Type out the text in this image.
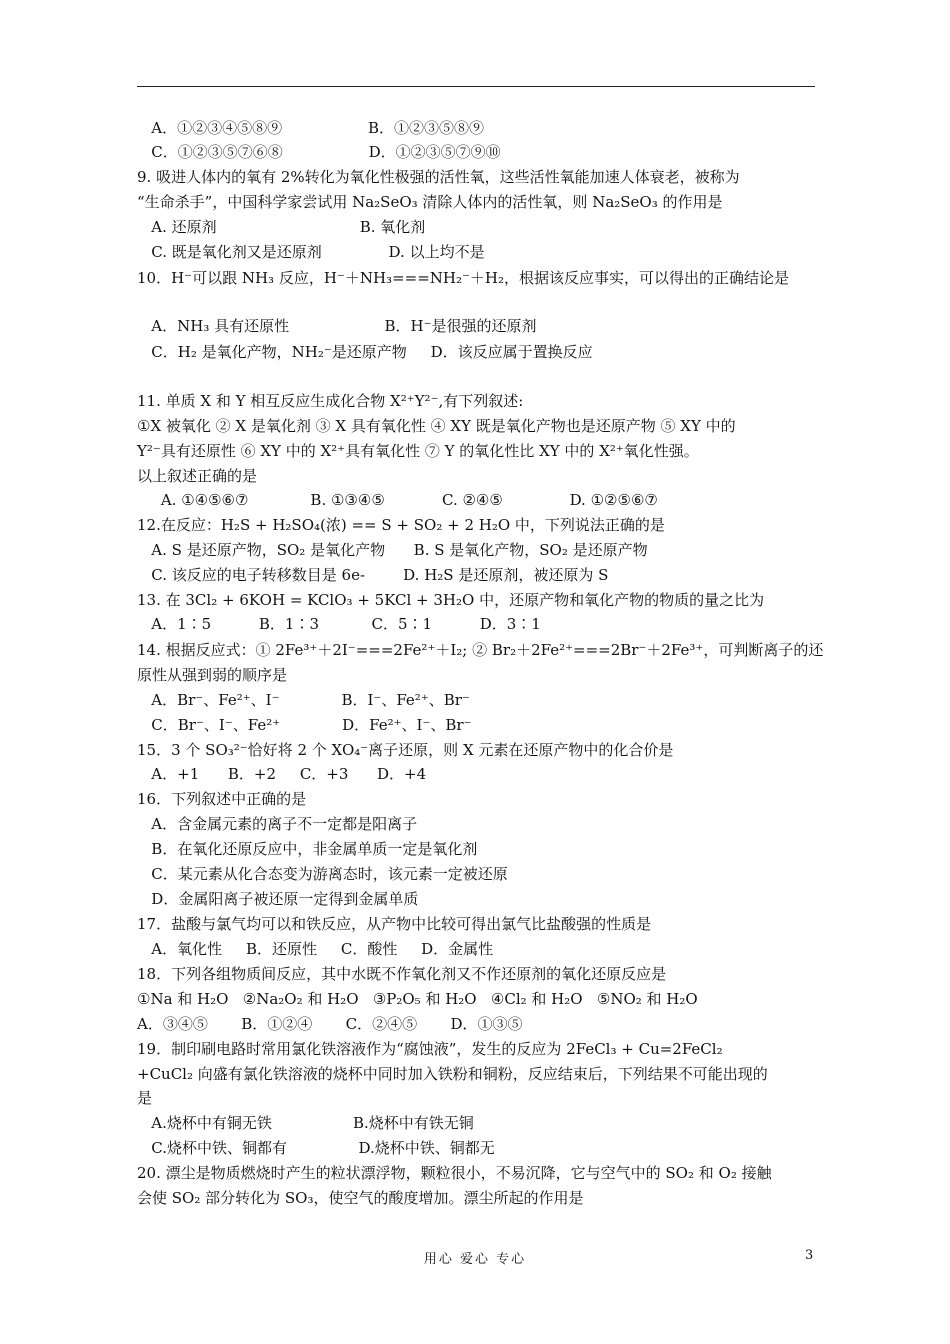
A．①②③④⑤⑧⑨                  B．①②③⑤⑧⑨
C．①②③⑤⑦⑥⑧                  D．①②③⑤⑦⑨⑩
9. 吸进人体内的氧有 2%转化为氧化性极强的活性氧，这些活性氧能加速人体衰老，被称为
“生命杀手”，中国科学家尝试用 Na₂SeO₃ 清除人体内的活性氧，则 Na₂SeO₃ 的作用是
A. 还原剂                              B. 氧化剂
C. 既是氧化剂又是还原剂              D. 以上均不是
10．H⁻可以跟 NH₃ 反应，H⁻＋NH₃===NH₂⁻＋H₂，根据该反应事实，可以得出的正确结论是
A．NH₃ 具有还原性                    B．H⁻是很强的还原剂
C．H₂ 是氧化产物，NH₂⁻是还原产物     D．该反应属于置换反应
11. 单质 X 和 Y 相互反应生成化合物 X²⁺Y²⁻,有下列叙述:
①X 被氧化 ② X 是氧化剂 ③ X 具有氧化性 ④ XY 既是氧化产物也是还原产物 ⑤ XY 中的
Y²⁻具有还原性 ⑥ XY 中的 X²⁺具有氧化性 ⑦ Y 的氧化性比 XY 中的 X²⁺氧化性强。
以上叙述正确的是
A. ①④⑤⑥⑦             B. ①③④⑤            C. ②④⑤              D. ①②⑤⑥⑦
12.在反应：H₂S + H₂SO₄(浓) == S + SO₂ + 2 H₂O 中，下列说法正确的是
A. S 是还原产物，SO₂ 是氧化产物      B. S 是氧化产物，SO₂ 是还原产物
C. 该反应的电子转移数目是 6e-        D. H₂S 是还原剂，被还原为 S
13. 在 3Cl₂ + 6KOH = KClO₃ + 5KCl + 3H₂O 中，还原产物和氧化产物的物质的量之比为
A．1∶5          B．1∶3           C．5∶1          D．3∶1
14. 根据反应式：① 2Fe³⁺＋2I⁻===2Fe²⁺＋I₂; ② Br₂＋2Fe²⁺===2Br⁻＋2Fe³⁺，可判断离子的还
原性从强到弱的顺序是
A．Br⁻、Fe²⁺、I⁻             B．I⁻、Fe²⁺、Br⁻
C．Br⁻、I⁻、Fe²⁺             D．Fe²⁺、I⁻、Br⁻
15．3 个 SO₃²⁻恰好将 2 个 XO₄⁻离子还原，则 X 元素在还原产物中的化合价是
A．+1      B．+2     C．+3      D．+4
16．下列叙述中正确的是
A．含金属元素的离子不一定都是阳离子
B．在氧化还原反应中，非金属单质一定是氧化剂
C．某元素从化合态变为游离态时，该元素一定被还原
D．金属阳离子被还原一定得到金属单质
17．盐酸与氯气均可以和铁反应，从产物中比较可得出氯气比盐酸强的性质是
A．氧化性     B．还原性     C．酸性     D．金属性
18．下列各组物质间反应，其中水既不作氧化剂又不作还原剂的氧化还原反应是
①Na 和 H₂O   ②Na₂O₂ 和 H₂O   ③P₂O₅ 和 H₂O   ④Cl₂ 和 H₂O   ⑤NO₂ 和 H₂O
A．③④⑤       B．①②④       C．②④⑤       D．①③⑤
19．制印刷电路时常用氯化铁溶液作为“腐蚀液”，发生的反应为 2FeCl₃ + Cu=2FeCl₂
+CuCl₂ 向盛有氯化铁溶液的烧杯中同时加入铁粉和铜粉，反应结束后，下列结果不可能出现的
是
A.烧杯中有铜无铁                 B.烧杯中有铁无铜
C.烧杯中铁、铜都有               D.烧杯中铁、铜都无
20. 漂尘是物质燃烧时产生的粒状漂浮物，颗粒很小，不易沉降，它与空气中的 SO₂ 和 O₂ 接触
会使 SO₂ 部分转化为 SO₃，使空气的酸度增加。漂尘所起的作用是
用心 爱心 专心	3
